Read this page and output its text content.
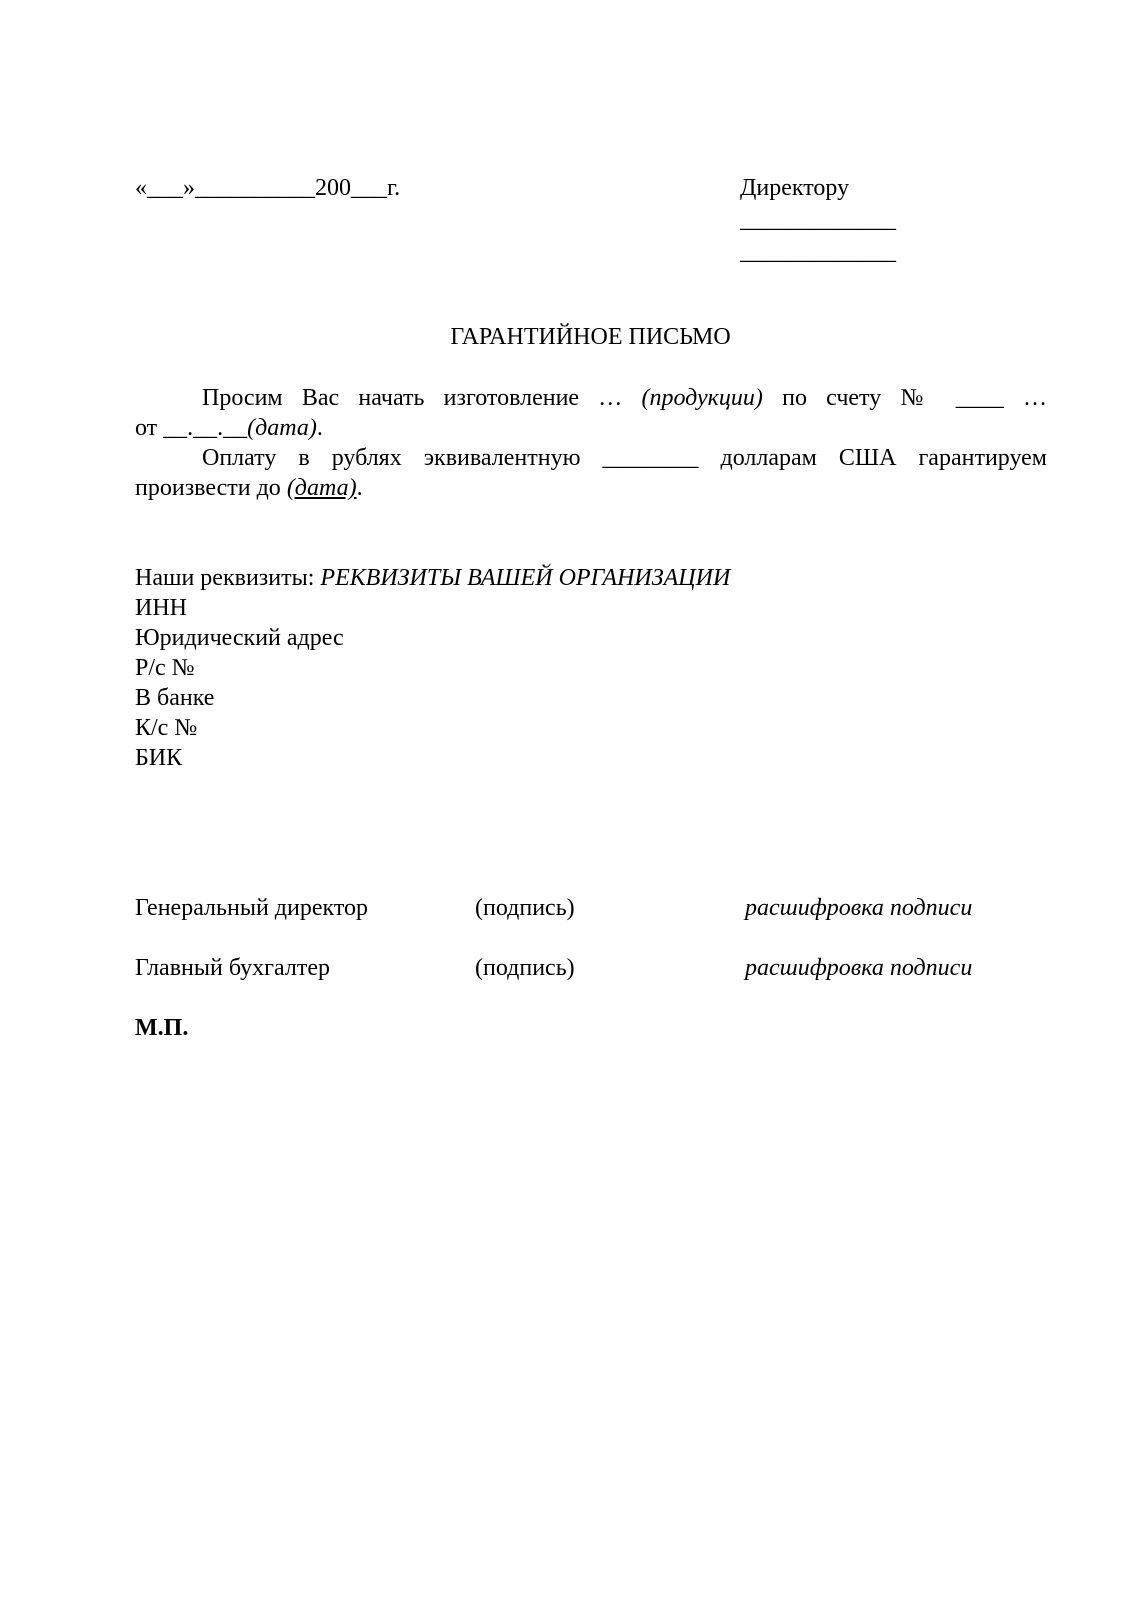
«___»__________200___г.	Директору
_____________
_____________
ГАРАНТИЙНОЕ ПИСЬМО
Просим Вас начать изготовление … (продукции) по счету № ____ …
от __.__.__(дата).
Оплату в рублях эквивалентную ________ долларам США гарантируем
произвести до (дата).
Наши реквизиты: РЕКВИЗИТЫ ВАШЕЙ ОРГАНИЗАЦИИ
ИНН
Юридический адрес
Р/с №
В банке
К/с №
БИК
Генеральный директор	(подпись)	расшифровка подписи
Главный бухгалтер	(подпись)	расшифровка подписи
М.П.
